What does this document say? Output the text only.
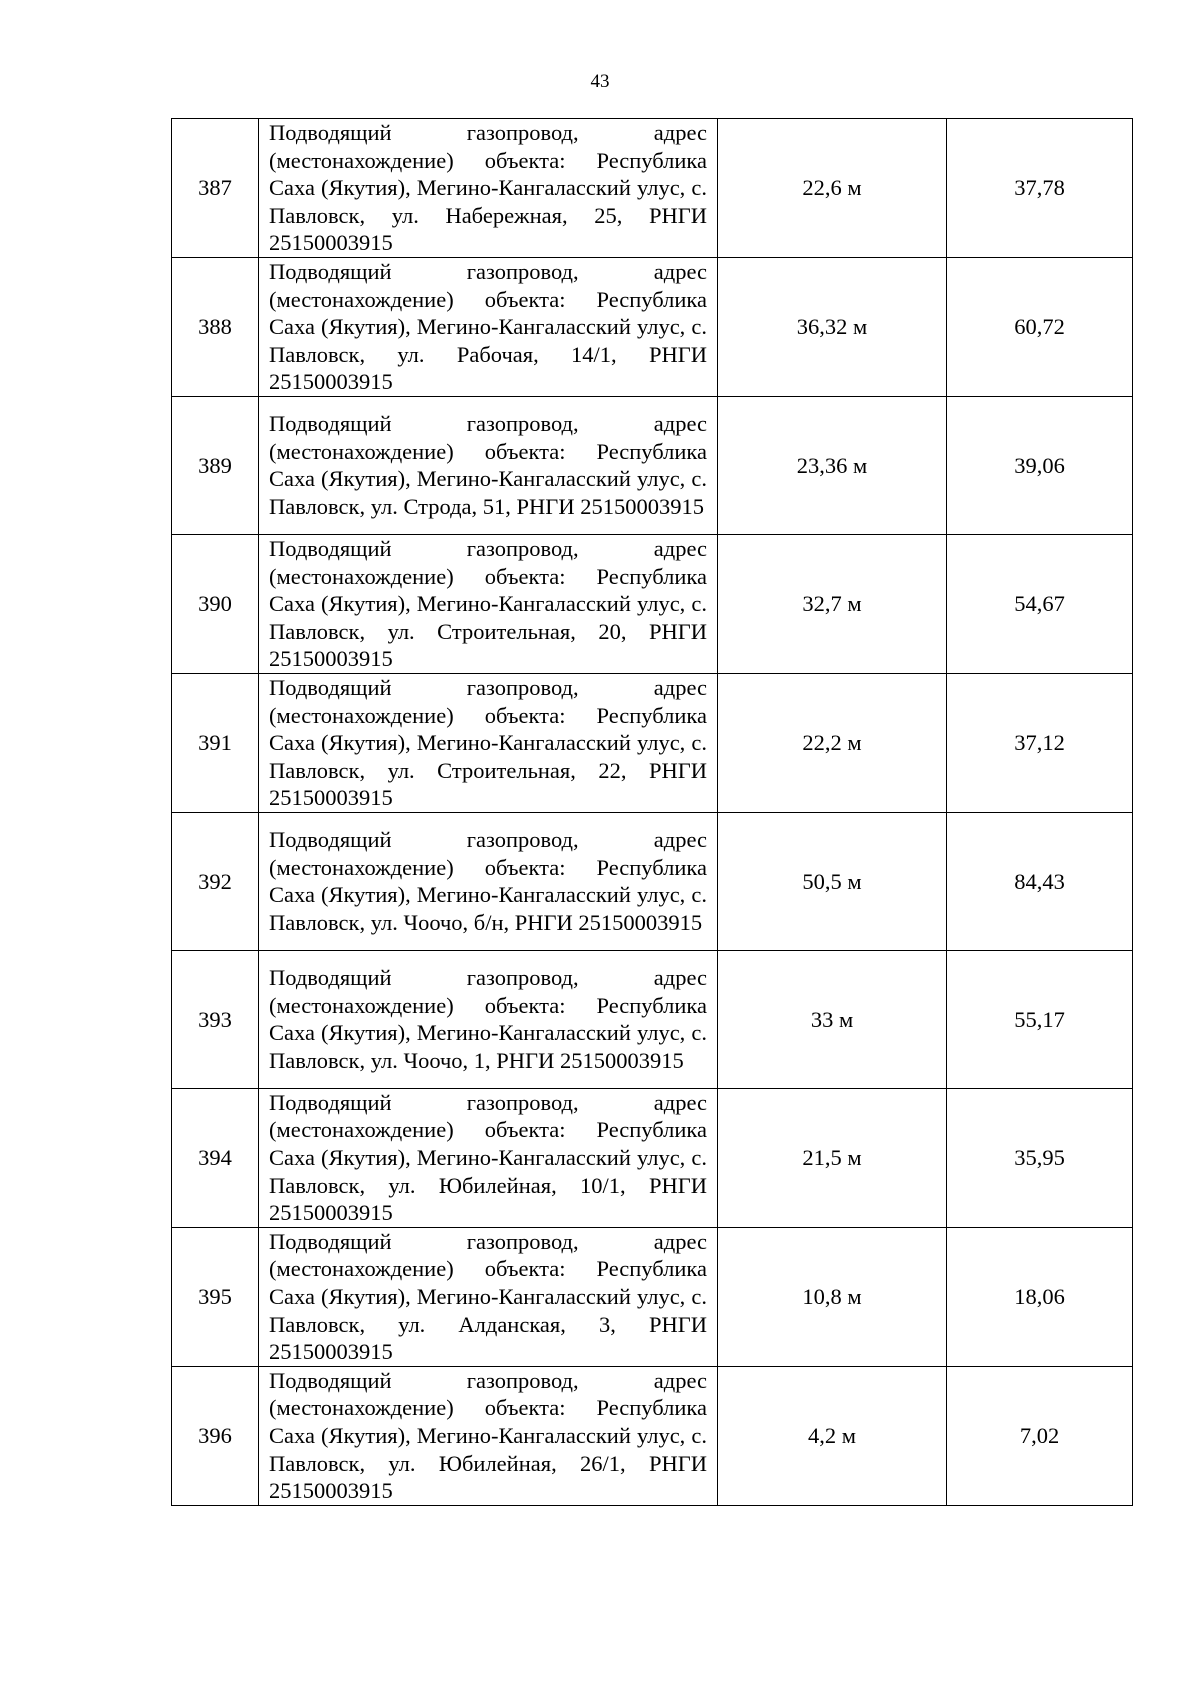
43
387	Подводящий газопровод, адрес (местонахождение) объекта: Республика Саха (Якутия), Мегино-Кангаласский улус, с. Павловск, ул. Набережная, 25, РНГИ 25150003915	22,6 м	37,78
388	Подводящий газопровод, адрес (местонахождение) объекта: Республика Саха (Якутия), Мегино-Кангаласский улус, с. Павловск, ул. Рабочая, 14/1, РНГИ 25150003915	36,32 м	60,72
389	Подводящий газопровод, адрес (местонахождение) объекта: Республика Саха (Якутия), Мегино-Кангаласский улус, с. Павловск, ул. Строда, 51, РНГИ 25150003915	23,36 м	39,06
390	Подводящий газопровод, адрес (местонахождение) объекта: Республика Саха (Якутия), Мегино-Кангаласский улус, с. Павловск, ул. Строительная, 20, РНГИ 25150003915	32,7 м	54,67
391	Подводящий газопровод, адрес (местонахождение) объекта: Республика Саха (Якутия), Мегино-Кангаласский улус, с. Павловск, ул. Строительная, 22, РНГИ 25150003915	22,2 м	37,12
392	Подводящий газопровод, адрес (местонахождение) объекта: Республика Саха (Якутия), Мегино-Кангаласский улус, с. Павловск, ул. Чоочо, б/н, РНГИ 25150003915	50,5 м	84,43
393	Подводящий газопровод, адрес (местонахождение) объекта: Республика Саха (Якутия), Мегино-Кангаласский улус, с. Павловск, ул. Чоочо, 1, РНГИ 25150003915	33 м	55,17
394	Подводящий газопровод, адрес (местонахождение) объекта: Республика Саха (Якутия), Мегино-Кангаласский улус, с. Павловск, ул. Юбилейная, 10/1, РНГИ 25150003915	21,5 м	35,95
395	Подводящий газопровод, адрес (местонахождение) объекта: Республика Саха (Якутия), Мегино-Кангаласский улус, с. Павловск, ул. Алданская, 3, РНГИ 25150003915	10,8 м	18,06
396	Подводящий газопровод, адрес (местонахождение) объекта: Республика Саха (Якутия), Мегино-Кангаласский улус, с. Павловск, ул. Юбилейная, 26/1, РНГИ 25150003915	4,2 м	7,02
